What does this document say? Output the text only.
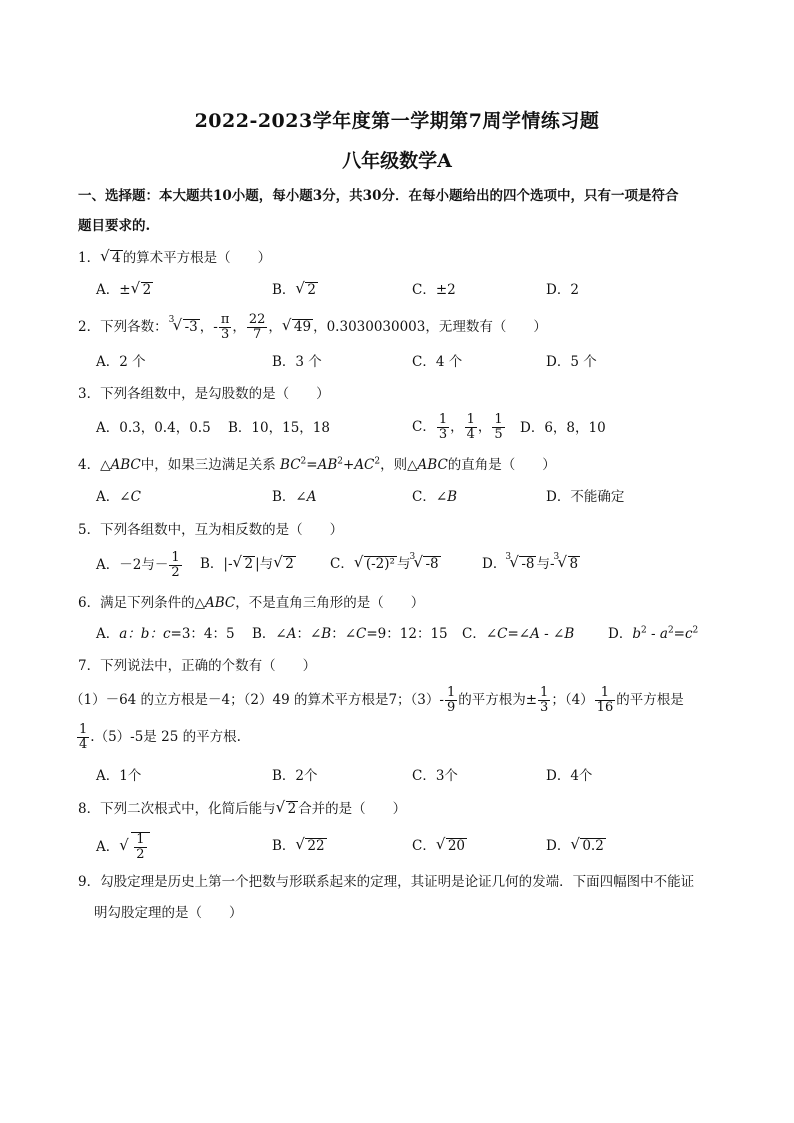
2022-2023学年度第一学期第7周学情练习题
八年级数学A
一、选择题：本大题共10小题，每小题3分，共30分．在每小题给出的四个选项中，只有一项是符合
题目要求的.
1． √ 4 的算术平方根是（　　）
A．± √ 2	B． √ 2	C．±2	D．2
2．下列各数： √ 3 -3 ，- $\frac{\pi}{3}$ ， $\frac{22}{7}$ ， √ 49 ，0.3030030003，无理数有（　　）
A．2 个	B．3 个	C．4 个	D．5 个
3．下列各组数中，是勾股数的是（　　）
A．0.3，0.4，0.5 B．10，15，18	C． $\frac{1}{3}$ ， $\frac{1}{4}$ ， $\frac{1}{5}$ D．6，8，10
4．△ABC中，如果三边满足关系 $BC^2=AB^2+AC^2$，则△ABC的直角是（　　）
A．∠C	B．∠A	C．∠B	D．不能确定
5．下列各组数中，互为相反数的是（　　）
A．－2与－ $\frac{1}{2}$ B．|- √ 2 |与 √ 2	C． √ (-2)² 与 √ 3 -8	D． √ 3 -8 与- √ 3 8
6．满足下列条件的△ABC，不是直角三角形的是（　　）
A．a：b：c=3：4：5 B．∠A：∠B：∠C=9：12：15 C．∠C=∠A - ∠B D．$b^2 - a^2=c^2$
7．下列说法中，正确的个数有（　　）
（1）－64 的立方根是－4；（2）49 的算术平方根是7；$(3)- \frac{1}{9}$ 的平方根为± $\frac{1}{3}$ ；$(4) \frac{1}{16}$ 的平方根是
$\frac{1}{4} .(5)-5$是 25 的平方根.
A．1个	B．2个	C．3个	D．4个
8．下列二次根式中，化简后能与 √ 2 合并的是（　　）
A． √ $\frac{1}{2}$	B． √ 22	C． √ 20	D． √ 0.2
9．勾股定理是历史上第一个把数与形联系起来的定理，其证明是论证几何的发端．下面四幅图中不能证
明勾股定理的是（　　）
